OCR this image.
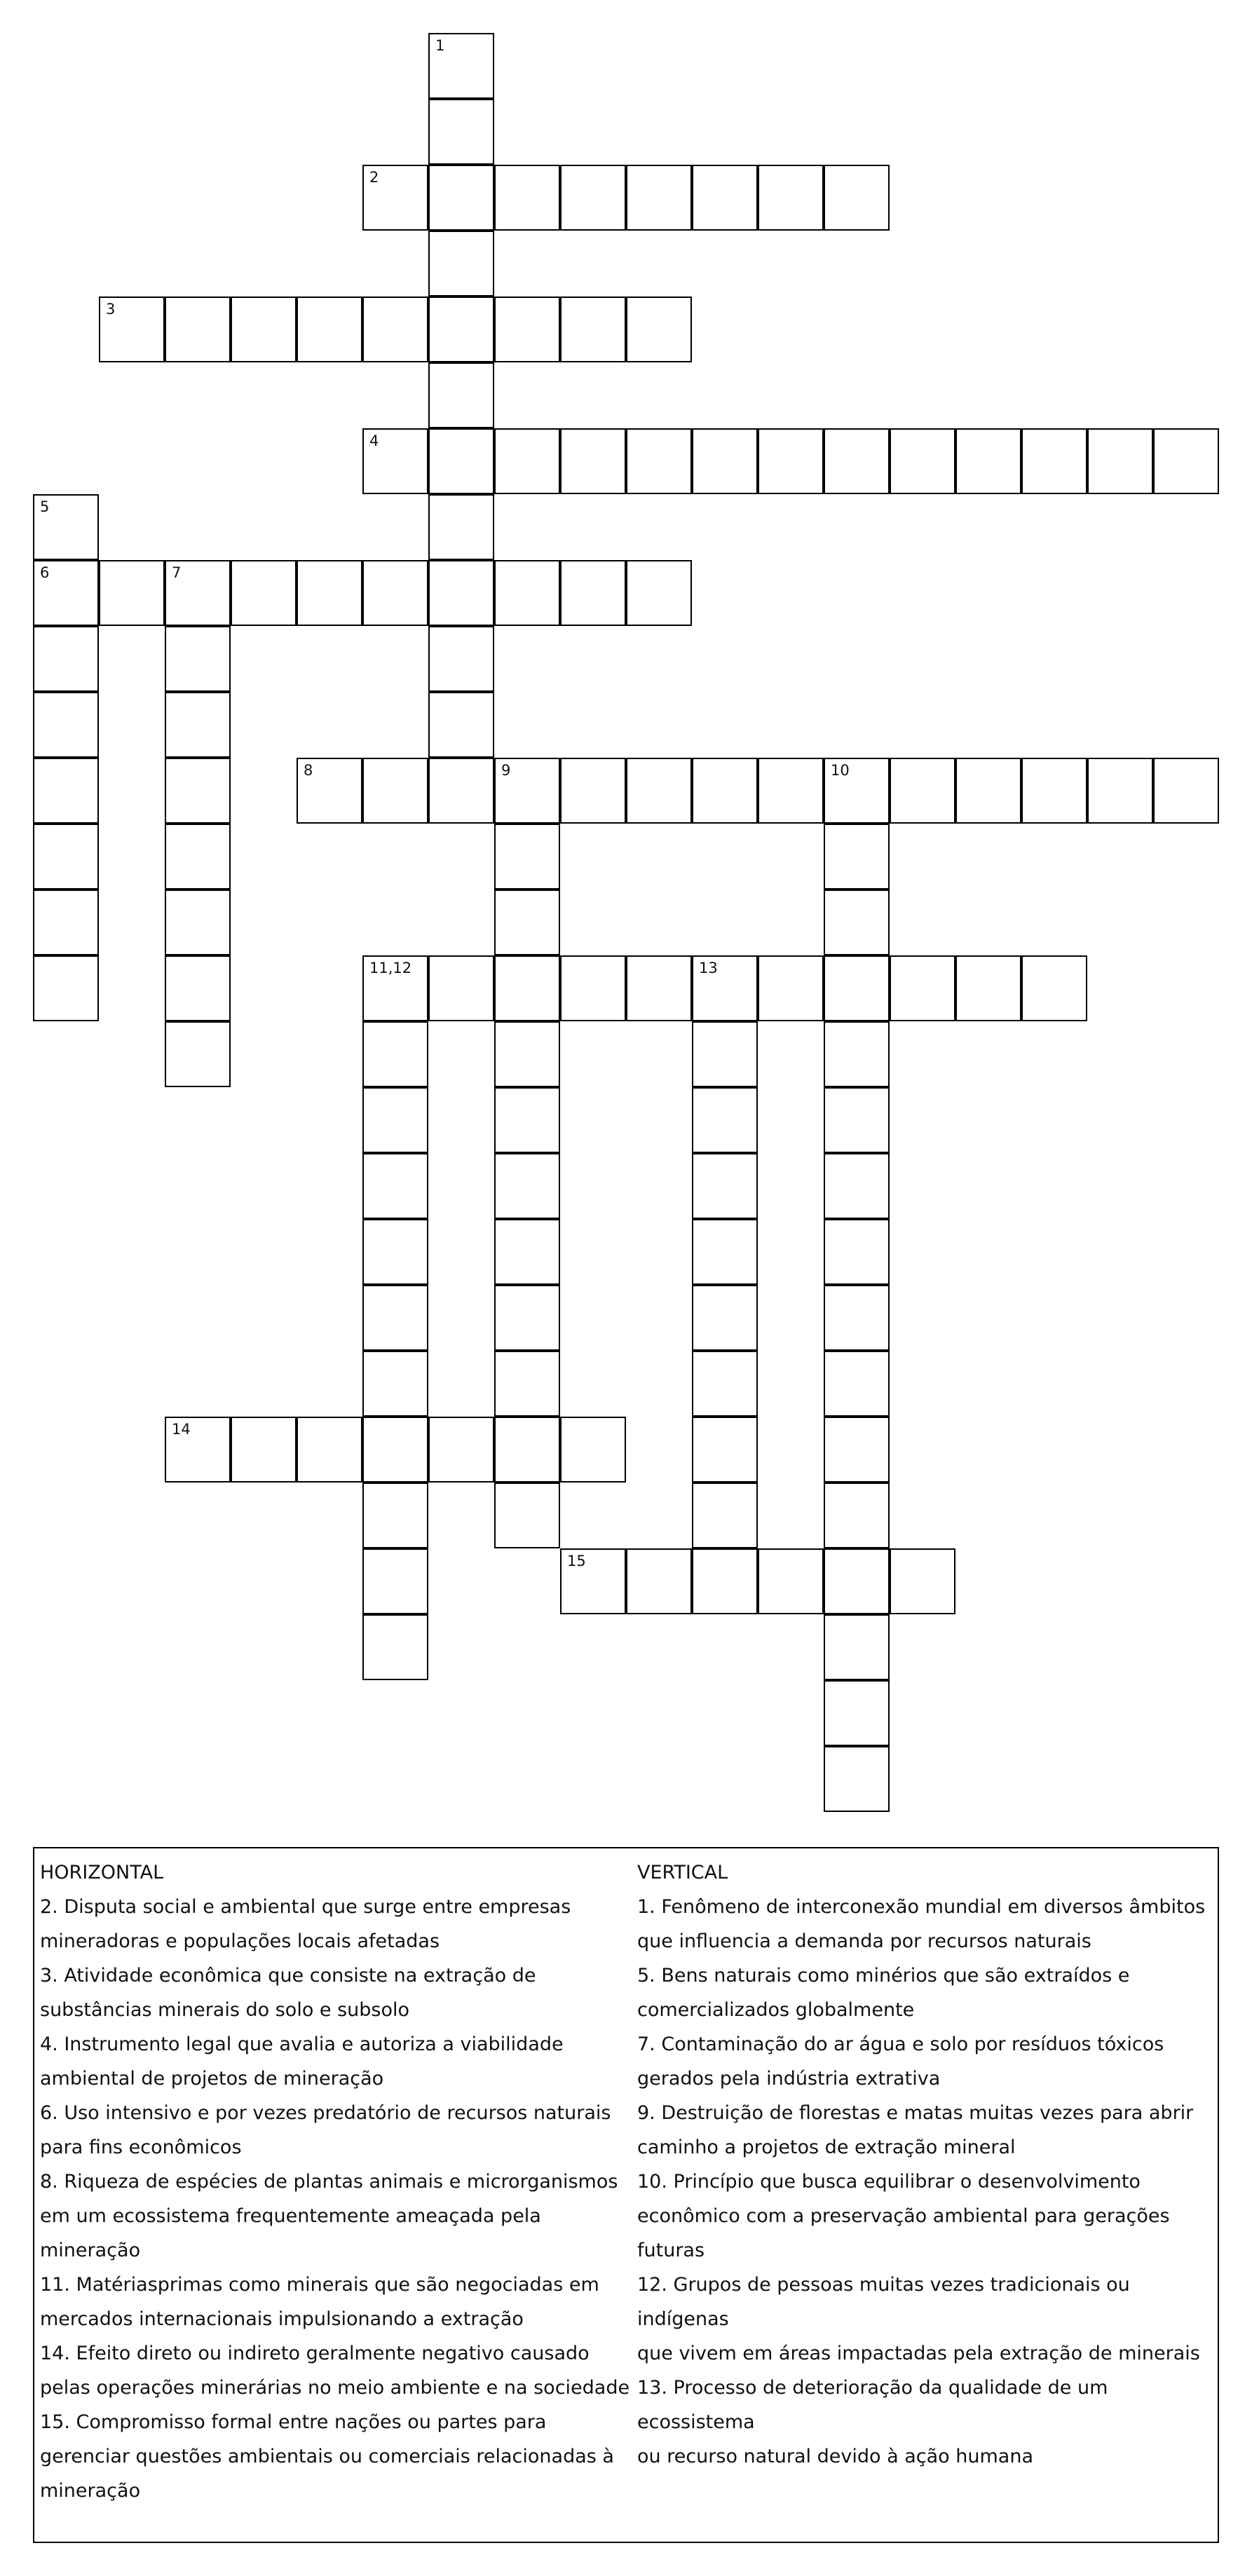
1
2
3
4
5
6	7
8	9	10
11,12	13
14
15
HORIZONTAL
2. Disputa social e ambiental que surge entre empresas
mineradoras e populações locais afetadas
3. Atividade econômica que consiste na extração de
substâncias minerais do solo e subsolo
4. Instrumento legal que avalia e autoriza a viabilidade
ambiental de projetos de mineração
6. Uso intensivo e por vezes predatório de recursos naturais
para fins econômicos
8. Riqueza de espécies de plantas animais e microrganismos
em um ecossistema frequentemente ameaçada pela
mineração
11. Matériasprimas como minerais que são negociadas em
mercados internacionais impulsionando a extração
14. Efeito direto ou indireto geralmente negativo causado
pelas operações minerárias no meio ambiente e na sociedade
15. Compromisso formal entre nações ou partes para
gerenciar questões ambientais ou comerciais relacionadas à
mineração
VERTICAL
1. Fenômeno de interconexão mundial em diversos âmbitos
que influencia a demanda por recursos naturais
5. Bens naturais como minérios que são extraídos e
comercializados globalmente
7. Contaminação do ar água e solo por resíduos tóxicos
gerados pela indústria extrativa
9. Destruição de florestas e matas muitas vezes para abrir
caminho a projetos de extração mineral
10. Princípio que busca equilibrar o desenvolvimento
econômico com a preservação ambiental para gerações
futuras
12. Grupos de pessoas muitas vezes tradicionais ou indígenas
que vivem em áreas impactadas pela extração de minerais
13. Processo de deterioração da qualidade de um ecossistema
ou recurso natural devido à ação humana
